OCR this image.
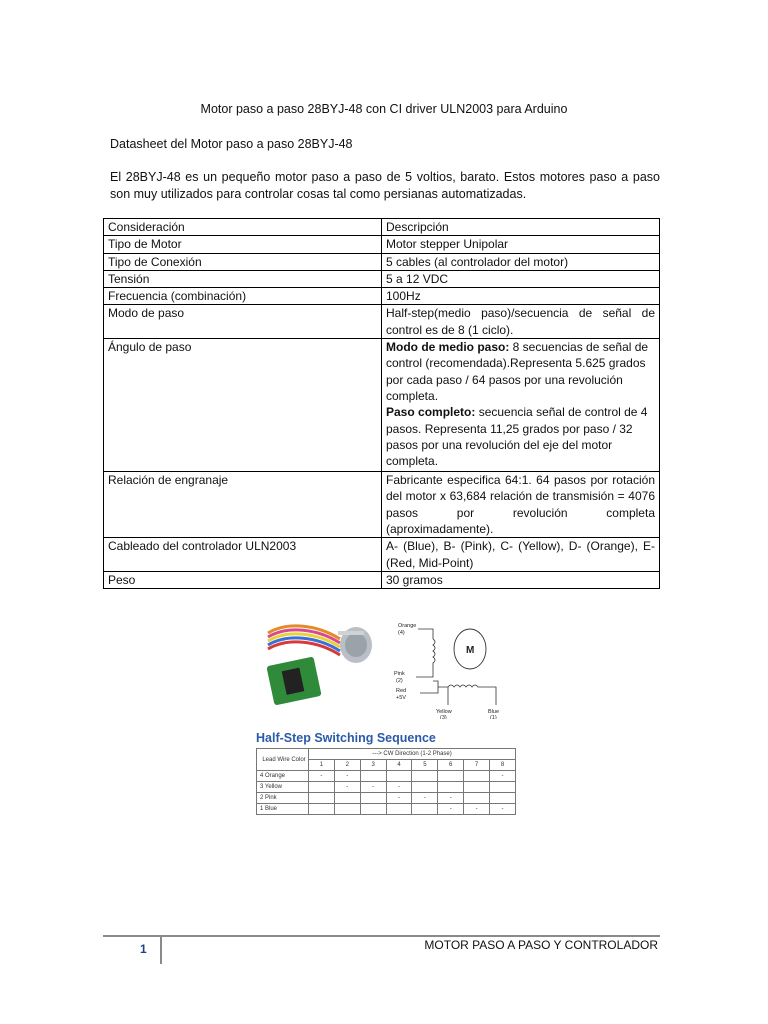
Motor paso a paso 28BYJ-48 con CI driver ULN2003 para Arduino
Datasheet del Motor paso a paso 28BYJ-48
El 28BYJ-48 es un pequeño motor paso a paso de 5 voltios, barato. Estos motores paso a paso son muy utilizados para controlar cosas tal como persianas automatizadas.
Consideración	Descripción
Tipo de Motor	Motor stepper Unipolar
Tipo de Conexión	5 cables (al controlador del motor)
Tensión	5 a 12 VDC
Frecuencia (combinación)	100Hz
Modo de paso	Half-step(medio paso)/secuencia de señal de control es de 8 (1 ciclo).
Ángulo de paso	Modo de medio paso: 8 secuencias de señal de control (recomendada).Representa 5.625 grados por cada paso / 64 pasos por una revolución completa.
Paso completo: secuencia señal de control de 4 pasos. Representa 11,25 grados por paso / 32 pasos por una revolución del eje del motor completa.
Relación de engranaje	Fabricante especifica 64:1. 64 pasos por rotación del motor x 63,684 relación de transmisión = 4076 pasos por revolución completa (aproximadamente).
Cableado del controlador ULN2003	A- (Blue), B- (Pink), C- (Yellow), D- (Orange), E- (Red, Mid-Point)
Peso	30 gramos
Orange
(4)
Pink
(2)
Red
+5V
Yellow
(3)
Blue
(1)
M
Half-Step Switching Sequence
Lead Wire Color	---> CW Direction (1-2 Phase)							
	1	2	3	4	5	6	7	8
4 Orange	-	-						-
3 Yellow		-	-	-				
2 Pink				-	-	-		
1 Blue						-	-	-
1	MOTOR PASO A PASO Y CONTROLADOR
